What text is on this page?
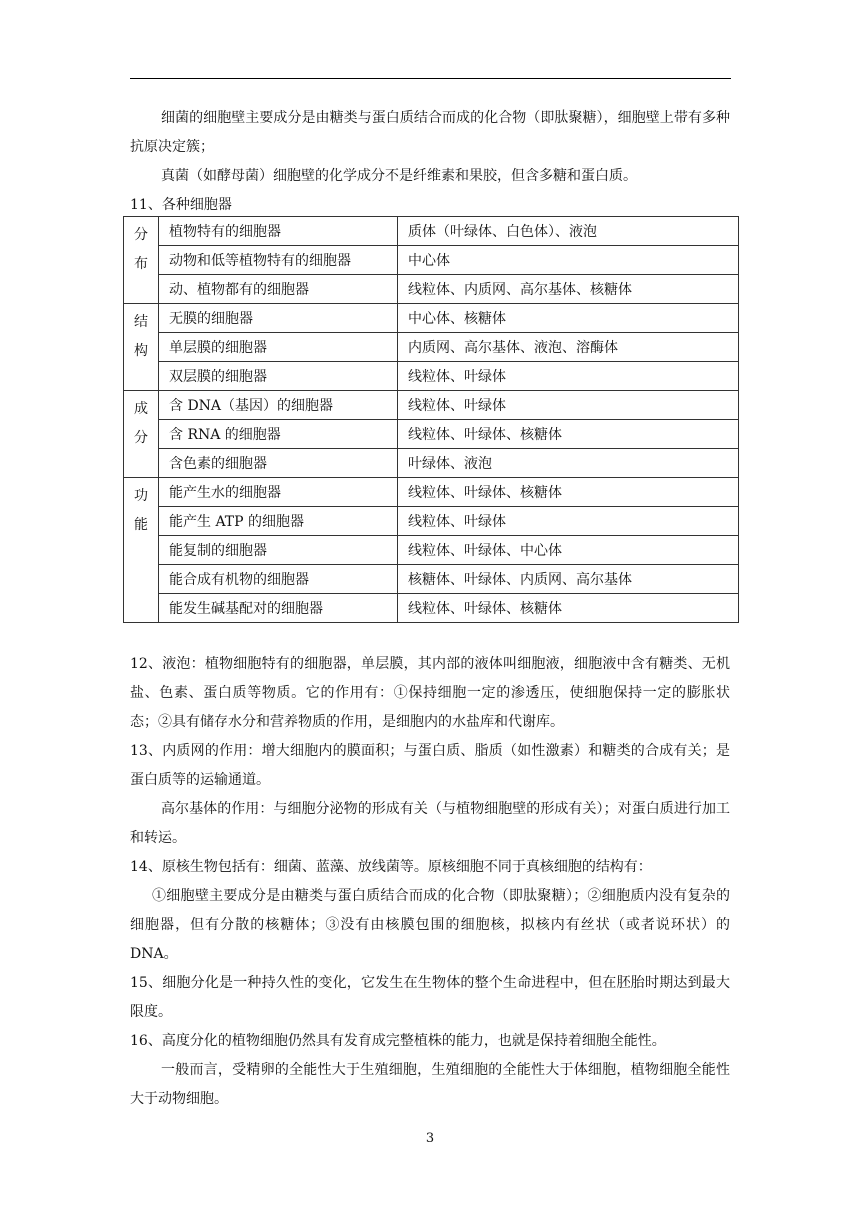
细菌的细胞壁主要成分是由糖类与蛋白质结合而成的化合物（即肽聚糖），细胞壁上带有多种抗原决定簇；

真菌（如酵母菌）细胞壁的化学成分不是纤维素和果胶，但含多糖和蛋白质。

11、各种细胞器

分
布	植物特有的细胞器	质体（叶绿体、白色体）、液泡
	动物和低等植物特有的细胞器	中心体
	动、植物都有的细胞器	线粒体、内质网、高尔基体、核糖体

结
构	无膜的细胞器	中心体、核糖体
	单层膜的细胞器	内质网、高尔基体、液泡、溶酶体
	双层膜的细胞器	线粒体、叶绿体

成
分	含 DNA（基因）的细胞器	线粒体、叶绿体
	含 RNA 的细胞器	线粒体、叶绿体、核糖体
	含色素的细胞器	叶绿体、液泡

功
能	能产生水的细胞器	线粒体、叶绿体、核糖体
	能产生 ATP 的细胞器	线粒体、叶绿体
	能复制的细胞器	线粒体、叶绿体、中心体
	能合成有机物的细胞器	核糖体、叶绿体、内质网、高尔基体
	能发生碱基配对的细胞器	线粒体、叶绿体、核糖体

12、液泡：植物细胞特有的细胞器，单层膜，其内部的液体叫细胞液，细胞液中含有糖类、无机盐、色素、蛋白质等物质。它的作用有：①保持细胞一定的渗透压，使细胞保持一定的膨胀状态；②具有储存水分和营养物质的作用，是细胞内的水盐库和代谢库。

13、内质网的作用：增大细胞内的膜面积；与蛋白质、脂质（如性激素）和糖类的合成有关；是蛋白质等的运输通道。

高尔基体的作用：与细胞分泌物的形成有关（与植物细胞壁的形成有关）；对蛋白质进行加工和转运。

14、原核生物包括有：细菌、蓝藻、放线菌等。原核细胞不同于真核细胞的结构有：

①细胞壁主要成分是由糖类与蛋白质结合而成的化合物（即肽聚糖）；②细胞质内没有复杂的细胞器，但有分散的核糖体；③没有由核膜包围的细胞核，拟核内有丝状（或者说环状）的 DNA。

15、细胞分化是一种持久性的变化，它发生在生物体的整个生命进程中，但在胚胎时期达到最大限度。

16、高度分化的植物细胞仍然具有发育成完整植株的能力，也就是保持着细胞全能性。

一般而言，受精卵的全能性大于生殖细胞，生殖细胞的全能性大于体细胞，植物细胞全能性大于动物细胞。

3
